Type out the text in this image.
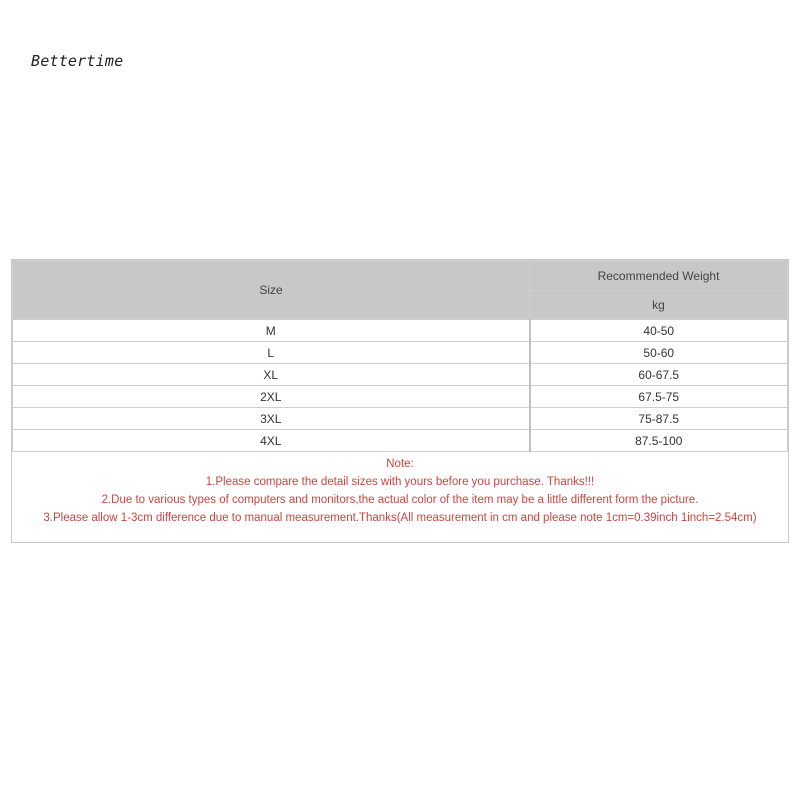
Bettertime
Size	Recommended Weight
	kg
M	40-50
L	50-60
XL	60-67.5
2XL	67.5-75
3XL	75-87.5
4XL	87.5-100
Note:
1.Please compare the detail sizes with yours before you purchase. Thanks!!!
2.Due to various types of computers and monitors,the actual color of the item may be a little different form the picture.
3.Please allow 1-3cm difference due to manual measurement.Thanks(All measurement in cm and please note 1cm=0.39inch 1inch=2.54cm)
